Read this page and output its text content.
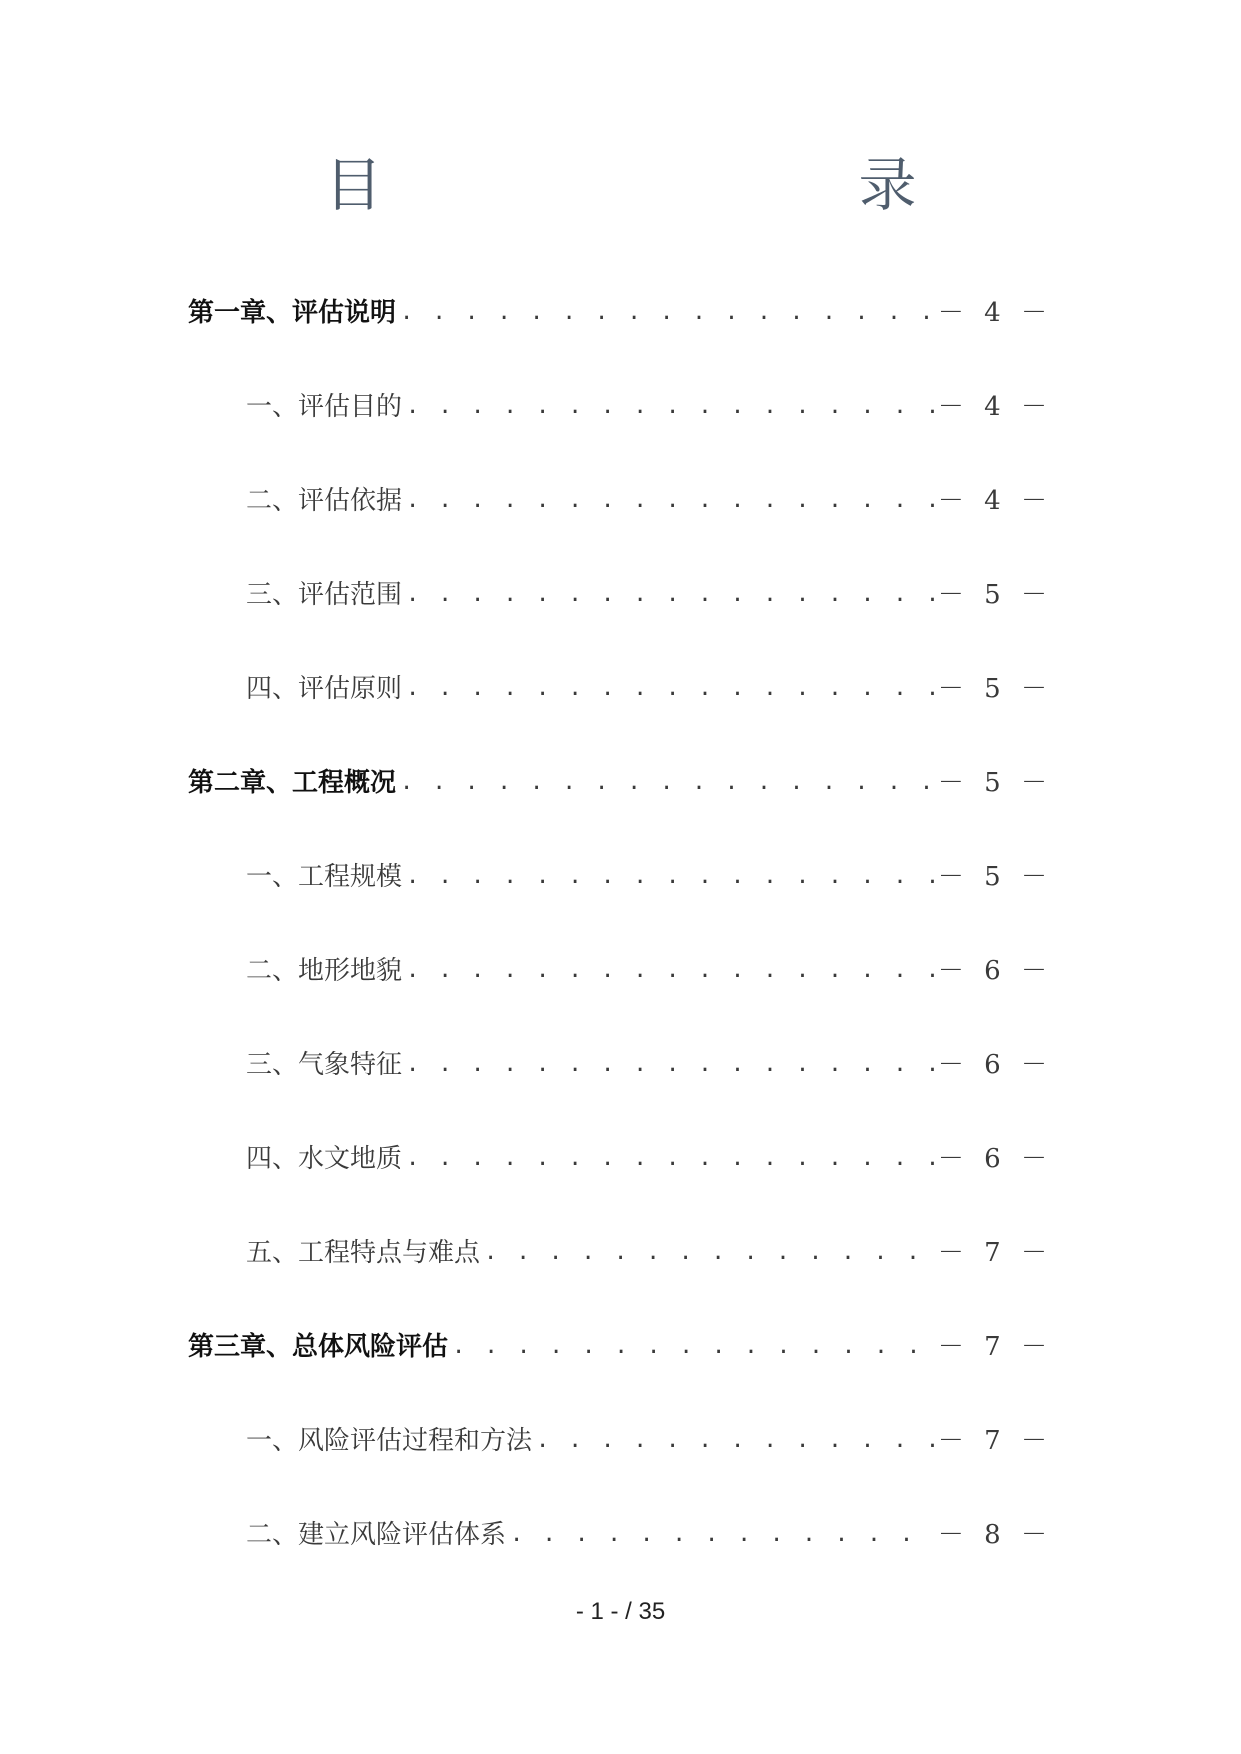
目　　录
第一章、评估说明 . . .	－ 4 －
一、评估目的 . . .	－ 4 －
二、评估依据 . . .	－ 4 －
三、评估范围 . . .	－ 5 －
四、评估原则 . . .	－ 5 －
第二章、工程概况 . . .	－ 5 －
一、工程规模 . . .	－ 5 －
二、地形地貌 . . .	－ 6 －
三、气象特征 . . .	－ 6 －
四、水文地质 . . .	－ 6 －
五、工程特点与难点 . . .	－ 7 －
第三章、总体风险评估 . . .	－ 7 －
一、风险评估过程和方法 . . .	－ 7 －
二、建立风险评估体系 . . .	－ 8 －
- 1 - / 35
